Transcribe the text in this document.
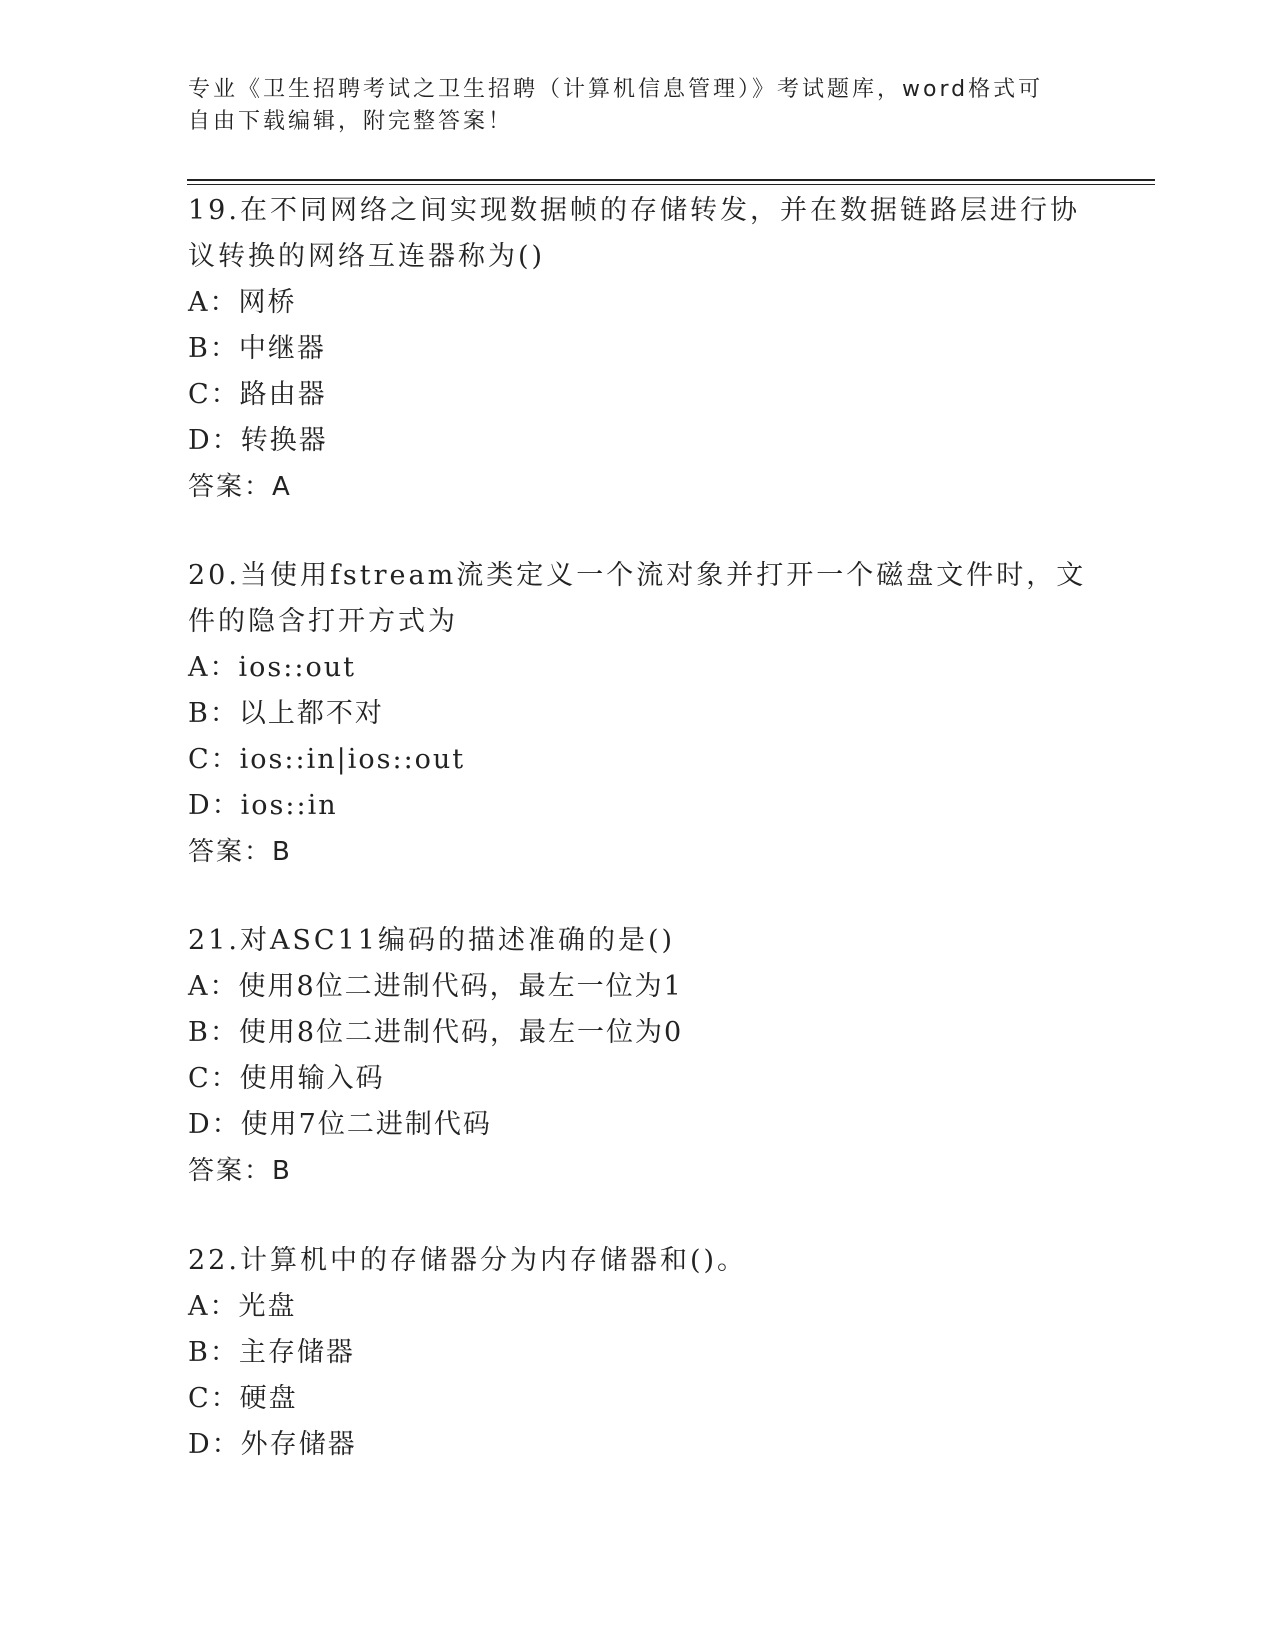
专业《卫生招聘考试之卫生招聘（计算机信息管理）》考试题库，word格式可自由下载编辑，附完整答案！

19.在不同网络之间实现数据帧的存储转发，并在数据链路层进行协议转换的网络互连器称为()

A：网桥

B：中继器

C：路由器

D：转换器

答案：A

20.当使用fstream流类定义一个流对象并打开一个磁盘文件时，文件的隐含打开方式为

A：ios::out

B：以上都不对

C：ios::in|ios::out

D：ios::in

答案：B

21.对ASC11编码的描述准确的是()

A：使用8位二进制代码，最左一位为1

B：使用8位二进制代码，最左一位为0

C：使用输入码

D：使用7位二进制代码

答案：B

22.计算机中的存储器分为内存储器和()。

A：光盘

B：主存储器

C：硬盘

D：外存储器
